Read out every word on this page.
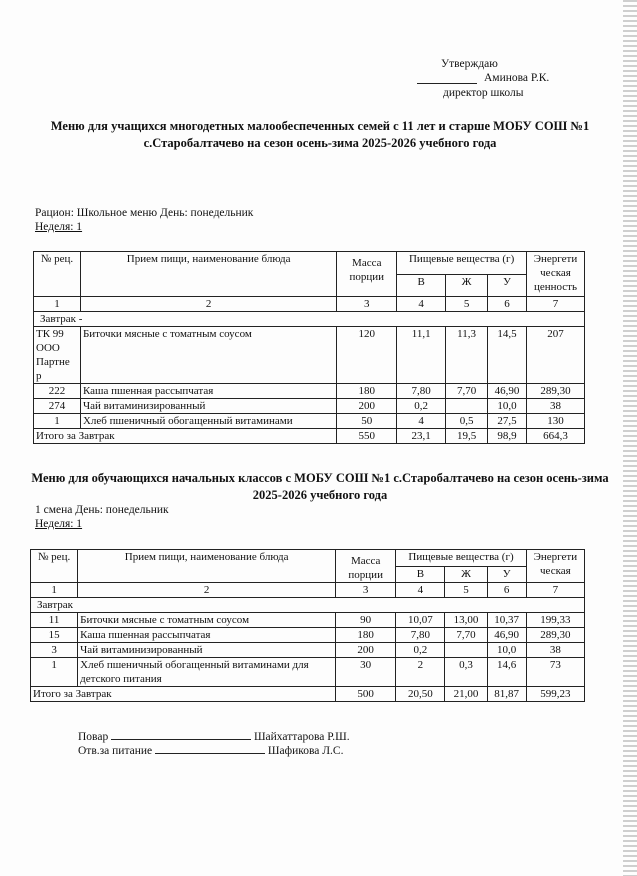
Утверждаю
Аминова Р.К.
директор школы
Меню для учащихся многодетных малообеспеченных семей с 11 лет и старше МОБУ СОШ №1 с.Старобалтачево на сезон осень-зима 2025-2026 учебного года
Рацион: Школьное меню День: понедельник
Неделя: 1
№ рец.	Прием пищи, наименование блюда	Масса порции	Пищевые вещества (г)			Энергети ческая ценность
			В	Ж	У	
1	2	3	4	5	6	7
Завтрак -						
ТК 99 ООО Партне р	Биточки мясные с томатным соусом	120	11,1	11,3	14,5	207
222	Каша пшенная рассыпчатая	180	7,80	7,70	46,90	289,30
274	Чай витаминизированный	200	0,2		10,0	38
1	Хлеб пшеничный обогащенный витаминами	50	4	0,5	27,5	130
Итого за Завтрак		550	23,1	19,5	98,9	664,3
Меню для обучающихся начальных классов с МОБУ СОШ №1 с.Старобалтачево на сезон осень-зима 2025-2026 учебного года
1 смена День: понедельник
Неделя: 1
№ рец.	Прием пищи, наименование блюда	Масса порции	Пищевые вещества (г)			Энергети ческая
			В	Ж	У	
1	2	3	4	5	6	7
Завтрак						
11	Биточки мясные с томатным соусом	90	10,07	13,00	10,37	199,33
15	Каша пшенная рассыпчатая	180	7,80	7,70	46,90	289,30
3	Чай витаминизированный	200	0,2		10,0	38
1	Хлеб пшеничный обогащенный витаминами для детского питания	30	2	0,3	14,6	73
Итого за Завтрак		500	20,50	21,00	81,87	599,23
Повар	Шайхаттарова Р.Ш.
Отв.за питание	Шафикова Л.С.
